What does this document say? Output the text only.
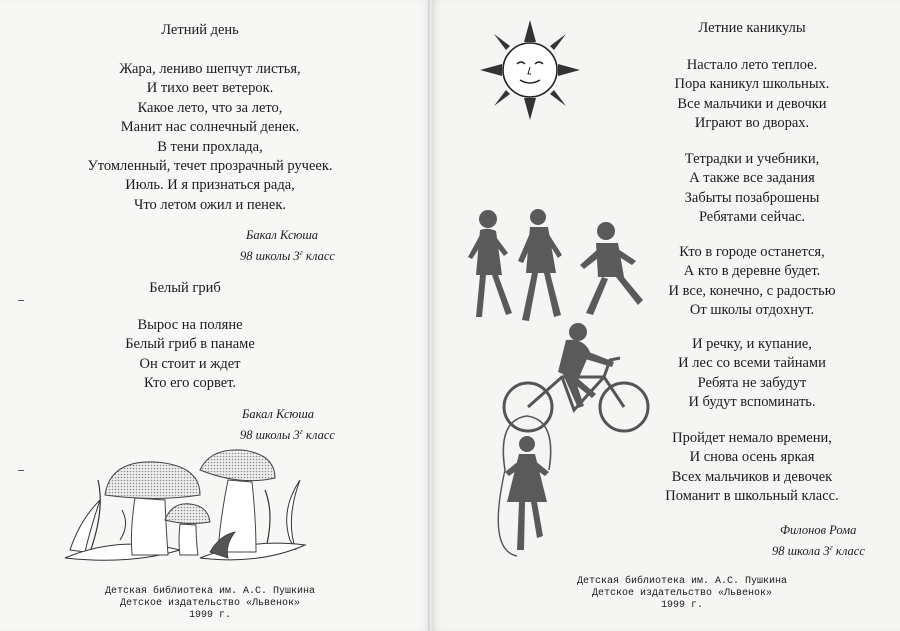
Летний день
Жара, лениво шепчут листья,
И тихо веет ветерок.
Какое лето, что за лето,
Манит нас солнечный денек.
В тени прохлада,
Утомленный, течет прозрачный ручеек.
Июль. И я признаться рада,
Что летом ожил и пенек.
Бакал Ксюша
98 школы $3^г$ класс
Белый гриб
Вырос на поляне
Белый гриб в панаме
Он стоит и ждет
Кто его сорвет.
Бакал Ксюша
98 школы $3^г$ класс
Детская библиотека им. А.С. Пушкина
Детское издательство «Львенок»
1999 г.
Летние каникулы
Настало лето теплое.
Пора каникул школьных.
Все мальчики и девочки
Играют во дворах.
Тетрадки и учебники,
А также все задания
Забыты позаброшены
Ребятами сейчас.
Кто в городе останется,
А кто в деревне будет.
И все, конечно, с радостью
От школы отдохнут.
И речку, и купание,
И лес со всеми тайнами
Ребята не забудут
И будут вспоминать.
Пройдет немало времени,
И снова осень яркая
Всех мальчиков и девочек
Поманит в школьный класс.
Филонов Рома
98 школа $3^г$ класс
Детская библиотека им. А.С. Пушкина
Детское издательство «Львенок»
1999 г.
